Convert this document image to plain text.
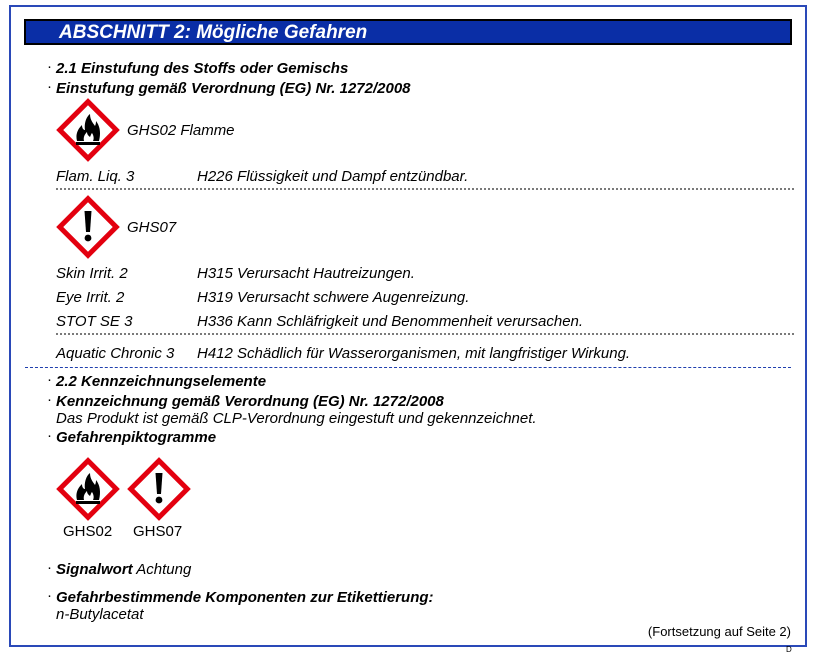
ABSCHNITT 2: Mögliche Gefahren
· 2.1 Einstufung des Stoffs oder Gemischs
· Einstufung gemäß Verordnung (EG) Nr. 1272/2008
GHS02 Flamme
Flam. Liq. 3	H226 Flüssigkeit und Dampf entzündbar.
GHS07
Skin Irrit. 2	H315 Verursacht Hautreizungen.
Eye Irrit. 2	H319 Verursacht schwere Augenreizung.
STOT SE 3	H336 Kann Schläfrigkeit und Benommenheit verursachen.
Aquatic Chronic 3 H412 Schädlich für Wasserorganismen, mit langfristiger Wirkung.
· 2.2 Kennzeichnungselemente
· Kennzeichnung gemäß Verordnung (EG) Nr. 1272/2008
Das Produkt ist gemäß CLP-Verordnung eingestuft und gekennzeichnet.
· Gefahrenpiktogramme
GHS02 GHS07
· Signalwort Achtung
· Gefahrbestimmende Komponenten zur Etikettierung:
n-Butylacetat
(Fortsetzung auf Seite 2)
D
